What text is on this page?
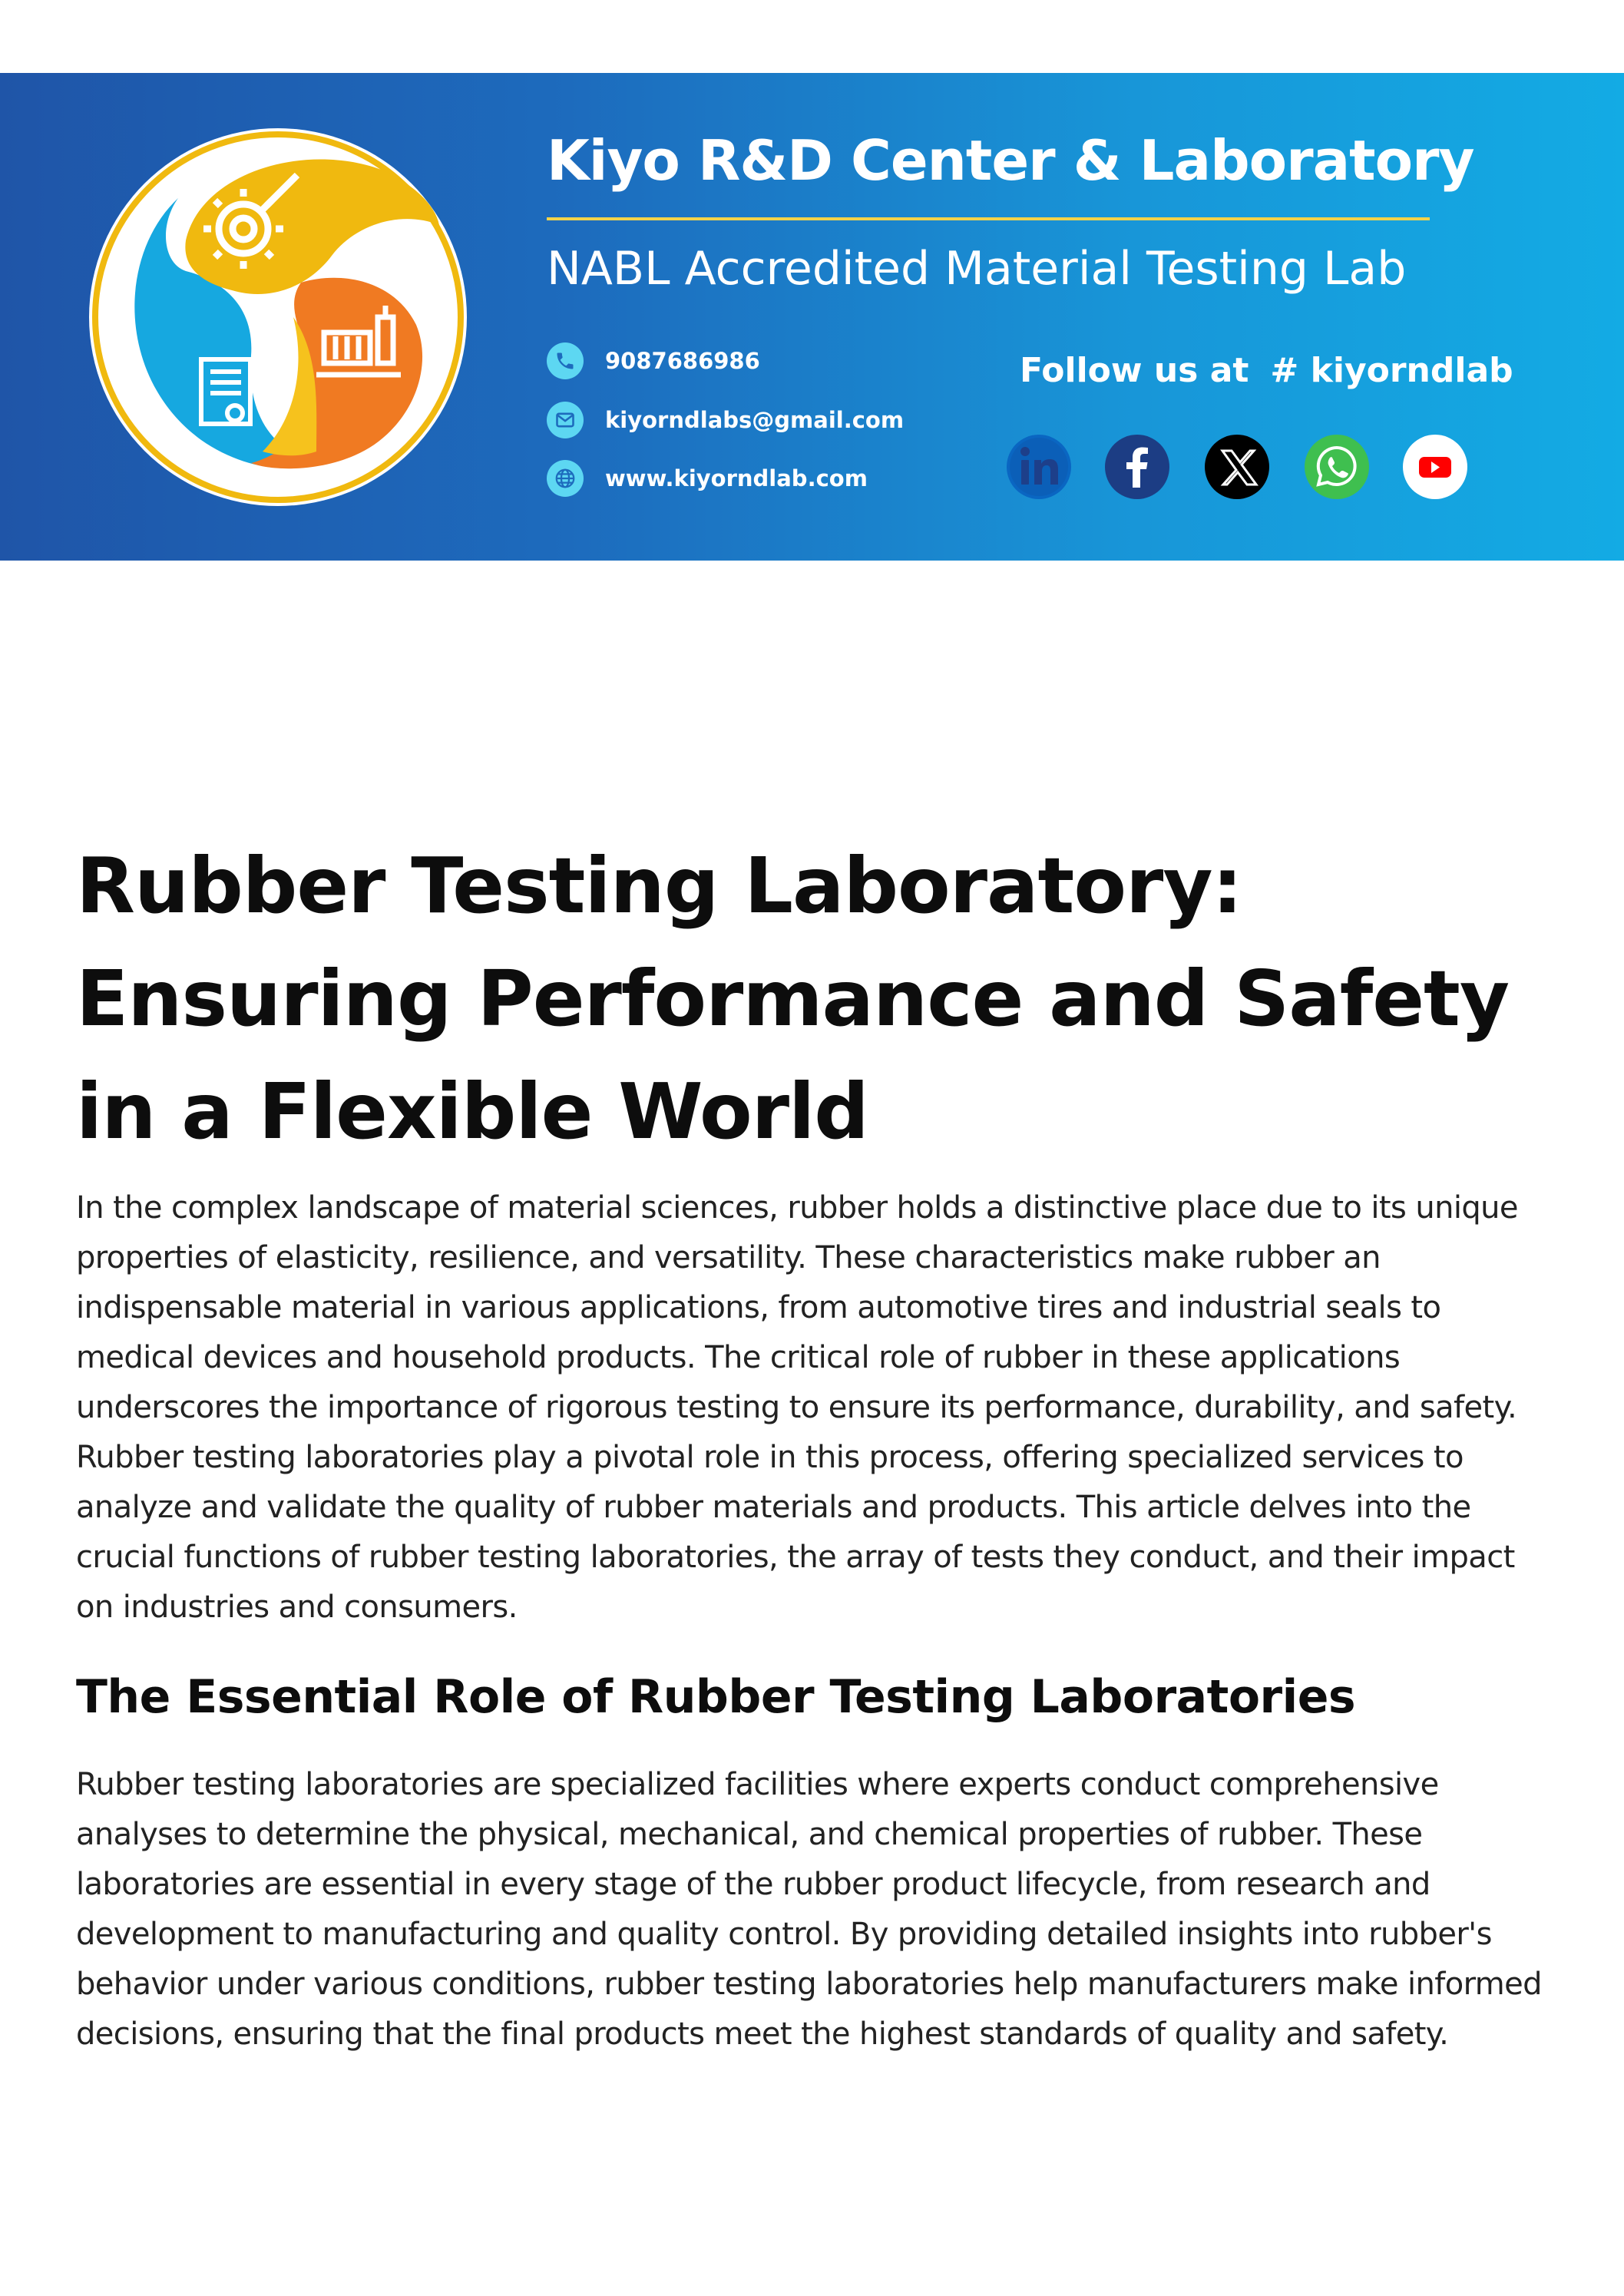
Kiyo R&D Center & Laboratory
NABL Accredited Material Testing Lab
9087686986
kiyorndlabs@gmail.com
www.kiyorndlab.com
Follow us at # kiyorndlab
Rubber Testing Laboratory: Ensuring Performance and Safety in a Flexible World

In the complex landscape of material sciences, rubber holds a distinctive place due to its unique properties of elasticity, resilience, and versatility. These characteristics make rubber an indispensable material in various applications, from automotive tires and industrial seals to medical devices and household products. The critical role of rubber in these applications underscores the importance of rigorous testing to ensure its performance, durability, and safety. Rubber testing laboratories play a pivotal role in this process, offering specialized services to analyze and validate the quality of rubber materials and products. This article delves into the crucial functions of rubber testing laboratories, the array of tests they conduct, and their impact on industries and consumers.

The Essential Role of Rubber Testing Laboratories

Rubber testing laboratories are specialized facilities where experts conduct comprehensive analyses to determine the physical, mechanical, and chemical properties of rubber. These laboratories are essential in every stage of the rubber product lifecycle, from research and development to manufacturing and quality control. By providing detailed insights into rubber's behavior under various conditions, rubber testing laboratories help manufacturers make informed decisions, ensuring that the final products meet the highest standards of quality and safety.
